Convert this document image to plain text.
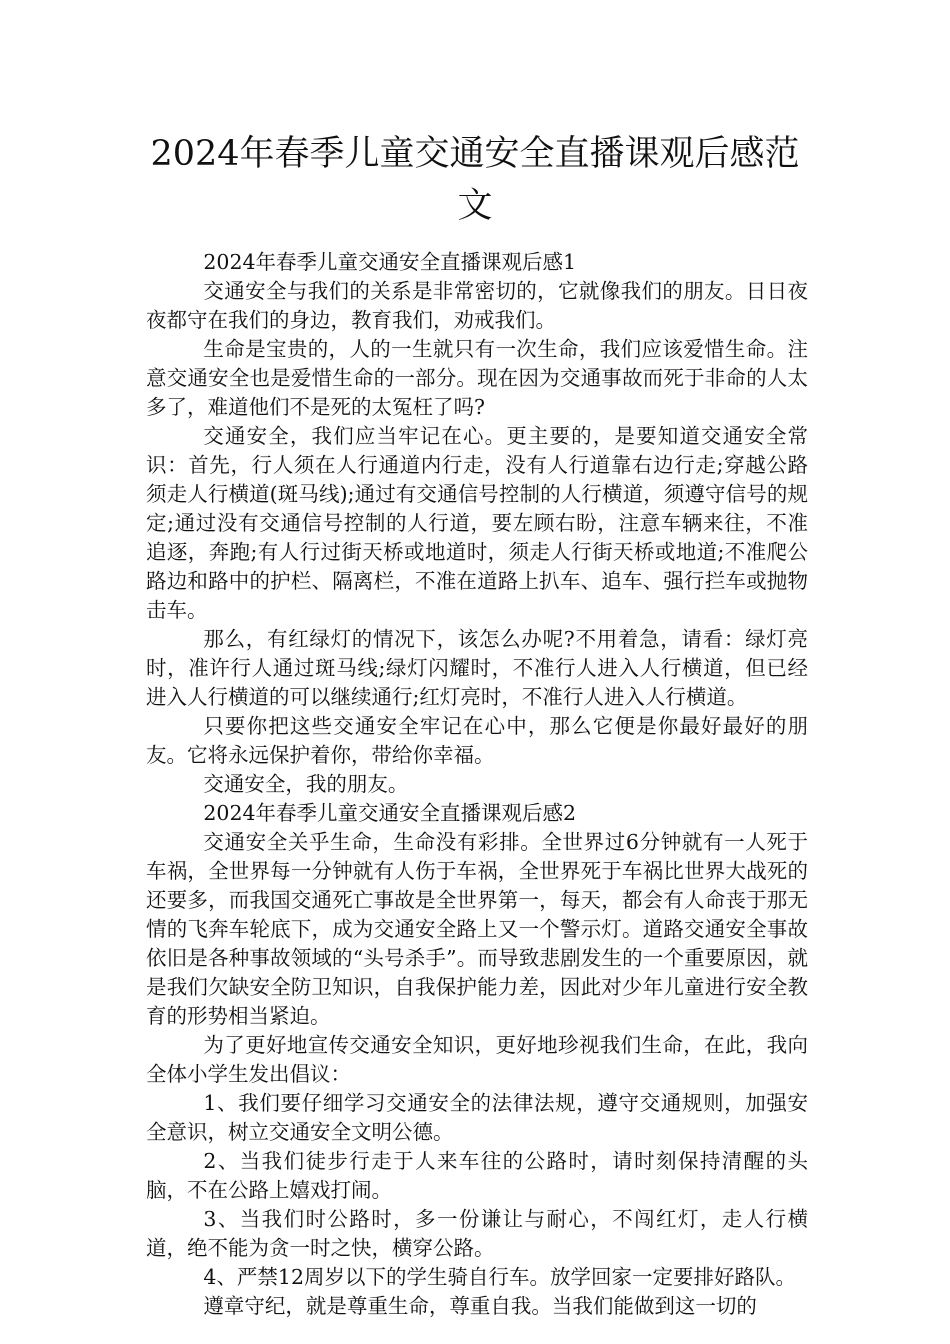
2024年春季儿童交通安全直播课观后感范文

2024年春季儿童交通安全直播课观后感1

交通安全与我们的关系是非常密切的，它就像我们的朋友。日日夜夜都守在我们的身边，教育我们，劝戒我们。

生命是宝贵的，人的一生就只有一次生命，我们应该爱惜生命。注意交通安全也是爱惜生命的一部分。现在因为交通事故而死于非命的人太多了，难道他们不是死的太冤枉了吗?

交通安全，我们应当牢记在心。更主要的，是要知道交通安全常识：首先，行人须在人行通道内行走，没有人行道靠右边行走;穿越公路须走人行横道(斑马线);通过有交通信号控制的人行横道，须遵守信号的规定;通过没有交通信号控制的人行道，要左顾右盼，注意车辆来往，不准追逐，奔跑;有人行过街天桥或地道时，须走人行街天桥或地道;不准爬公路边和路中的护栏、隔离栏，不准在道路上扒车、追车、强行拦车或抛物击车。

那么，有红绿灯的情况下，该怎么办呢?不用着急，请看：绿灯亮时，准许行人通过斑马线;绿灯闪耀时，不准行人进入人行横道，但已经进入人行横道的可以继续通行;红灯亮时，不准行人进入人行横道。

只要你把这些交通安全牢记在心中，那么它便是你最好最好的朋友。它将永远保护着你，带给你幸福。

交通安全，我的朋友。

2024年春季儿童交通安全直播课观后感2

交通安全关乎生命，生命没有彩排。全世界过6分钟就有一人死于车祸，全世界每一分钟就有人伤于车祸，全世界死于车祸比世界大战死的还要多，而我国交通死亡事故是全世界第一，每天，都会有人命丧于那无情的飞奔车轮底下，成为交通安全路上又一个警示灯。道路交通安全事故依旧是各种事故领域的“头号杀手”。而导致悲剧发生的一个重要原因，就是我们欠缺安全防卫知识，自我保护能力差，因此对少年儿童进行安全教育的形势相当紧迫。

为了更好地宣传交通安全知识，更好地珍视我们生命，在此，我向全体小学生发出倡议：

1、我们要仔细学习交通安全的法律法规，遵守交通规则，加强安全意识，树立交通安全文明公德。

2、当我们徒步行走于人来车往的公路时，请时刻保持清醒的头脑，不在公路上嬉戏打闹。

3、当我们时公路时，多一份谦让与耐心，不闯红灯，走人行横道，绝不能为贪一时之快，横穿公路。

4、严禁12周岁以下的学生骑自行车。放学回家一定要排好路队。

遵章守纪，就是尊重生命，尊重自我。当我们能做到这一切的
